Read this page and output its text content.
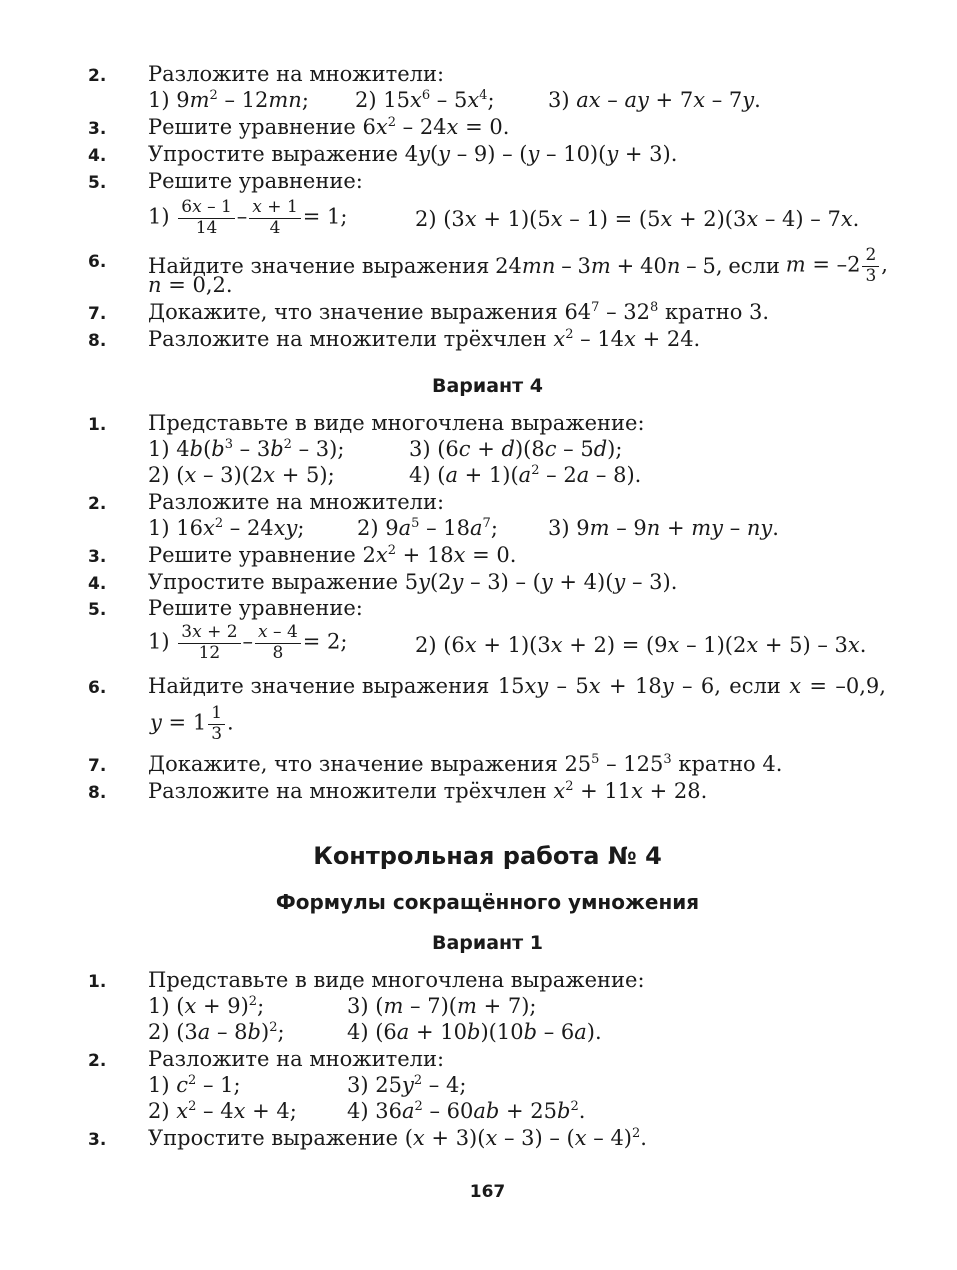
2. Разложите на множители:
1) $9m^2 - 12mn$; 2) $15x^6 - 5x^4$;	3) ax – ay + 7x – 7y.
3. Решите уравнение $6x^2 - 24x = 0$.
4. Упростите выражение 4y(y – 9) – (y – 10)(y + 3).
5. Решите уравнение:
$1) \frac{6x - 1}{14} - \frac{x + 1}{4} = 1$;	2) (3x + 1)(5x – 1) = (5x + 2)(3x – 4) – 7x.
6. Найдите значение выражения 24mn – 3m + 40n – 5, если $m = -2 \frac{2}{3}$ ,
n = 0,2.
7. Докажите, что значение выражения $64^7 - 32^8$ кратно 3.
8. Разложите на множители трёхчлен $x^2 - 14x + 24$.
Вариант 4
1. Представьте в виде многочлена выражение:
1) $4b(b^3 - 3b^2 - 3)$;	3) (6c + d)(8c – 5d);
2) (x – 3)(2x + 5);	4) $(a + 1)(a^2 - 2a - 8)$.
2. Разложите на множители:
1) $16x^2 - 24xy$;	2) $9a^5 - 18a^7$; 3) 9m – 9n + my – ny.
3. Решите уравнение $2x^2 + 18x = 0$.
4. Упростите выражение 5y(2y – 3) – (y + 4)(y – 3).
5. Решите уравнение:
$1) \frac{3x + 2}{12} - \frac{x - 4}{8} = 2$;	2) (6x + 1)(3x + 2) = (9x – 1)(2x + 5) – 3x.
6. Найдите значение выражения 15xy – 5x + 18y – 6, если x = –0,9,
$y = 1 \frac{1}{3}$ .
7. Докажите, что значение выражения $25^5 - 125^3$ кратно 4.
8. Разложите на множители трёхчлен $x^2 + 11x + 28$.
Контрольная работа № 4
Формулы сокращённого умножения
Вариант 1
1. Представьте в виде многочлена выражение:
1) $(x + 9)^2$;	3) (m – 7)(m + 7);
2) (3a – 8b)$^2$;	4) (6a + 10b)(10b – 6a).
2. Разложите на множители:
1) $c^2 - 1$;	3) $25y^2 - 4$;
2) $x^2 - 4x + 4$; 4) $36a^2 - 60ab + 25b^2$.
3. Упростите выражение (x + 3)(x – 3) – (x – 4)$^2$.
167
